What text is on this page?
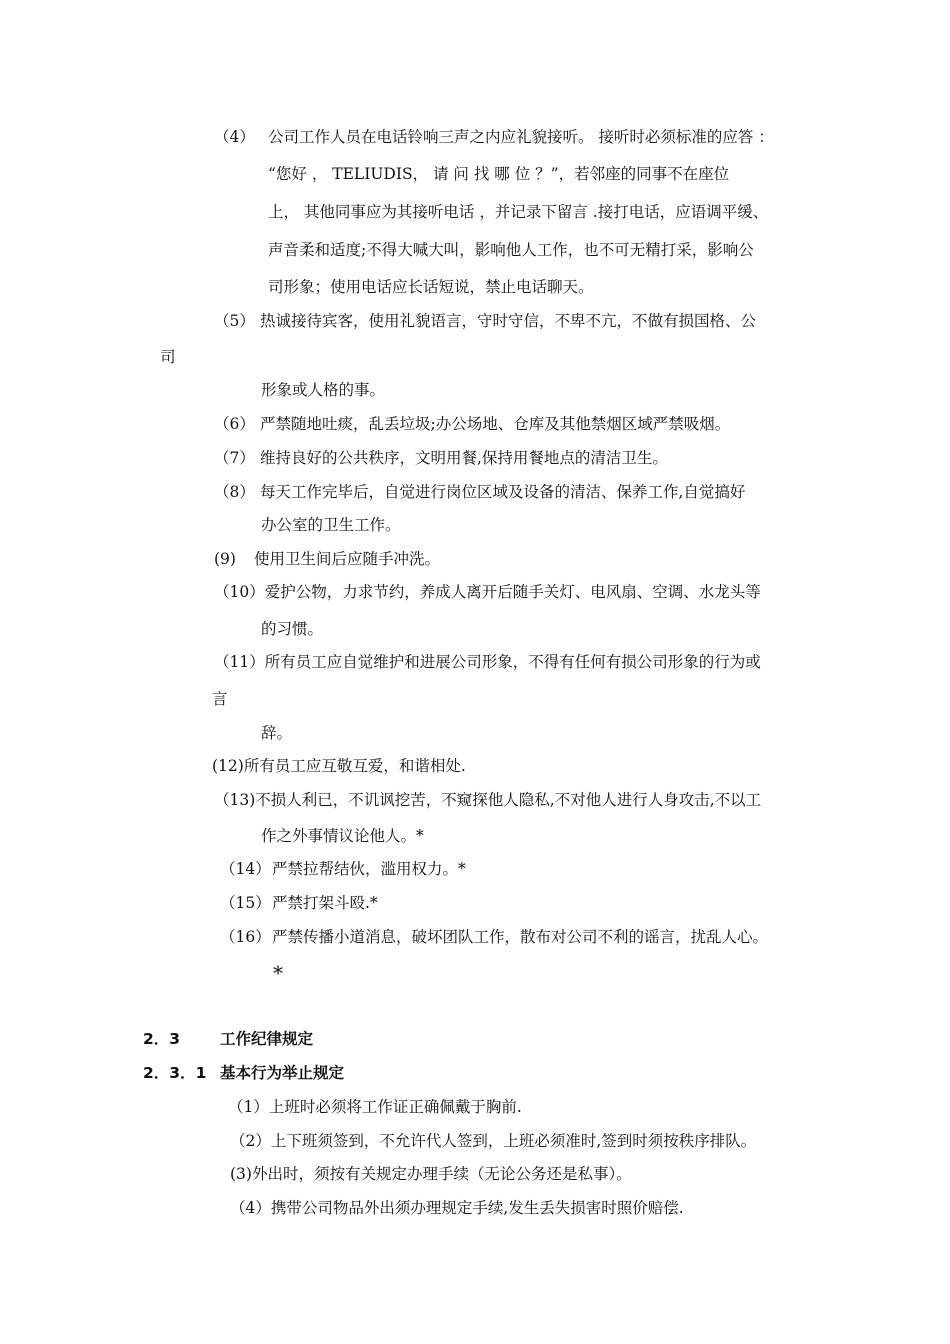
（4） 公司工作人员在电话铃响三声之内应礼貌接听。 接听时必须标准的应答 ：
“您好 ， TELIUDIS， 请 问 找 哪 位 ？”，若邻座的同事不在座位
上， 其他同事应为其接听电话 ，并记录下留言 .接打电话，应语调平缓、
声音柔和适度;不得大喊大叫，影响他人工作，也不可无精打采，影响公
司形象；使用电话应长话短说，禁止电话聊天。
（5） 热诚接待宾客，使用礼貌语言，守时守信，不卑不亢，不做有损国格、公
司
形象或人格的事。
（6） 严禁随地吐痰，乱丢垃圾;办公场地、仓库及其他禁烟区域严禁吸烟。
（7） 维持良好的公共秩序，文明用餐,保持用餐地点的清洁卫生。
（8） 每天工作完毕后，自觉进行岗位区域及设备的清洁、保养工作,自觉搞好
办公室的卫生工作。
(9) 使用卫生间后应随手冲洗。
（10）爱护公物，力求节约，养成人离开后随手关灯、电风扇、空调、水龙头等
的习惯。
（11）所有员工应自觉维护和进展公司形象，不得有任何有损公司形象的行为或
言
辞。
(12)所有员工应互敬互爱，和谐相处.
（13)不损人利已，不讥讽挖苦，不窥探他人隐私,不对他人进行人身攻击,不以工
作之外事情议论他人。*
（14） 严禁拉帮结伙，滥用权力。*
（15） 严禁打架斗殴.*
（16） 严禁传播小道消息，破坏团队工作，散布对公司不利的谣言，扰乱人心。
*
2．3	工作纪律规定
2．3．1 基本行为举止规定
（1）上班时必须将工作证正确佩戴于胸前.
（2）上下班须签到，不允许代人签到，上班必须准时,签到时须按秩序排队。
(3)外出时，须按有关规定办理手续（无论公务还是私事）。
（4）携带公司物品外出须办理规定手续,发生丢失损害时照价赔偿.
